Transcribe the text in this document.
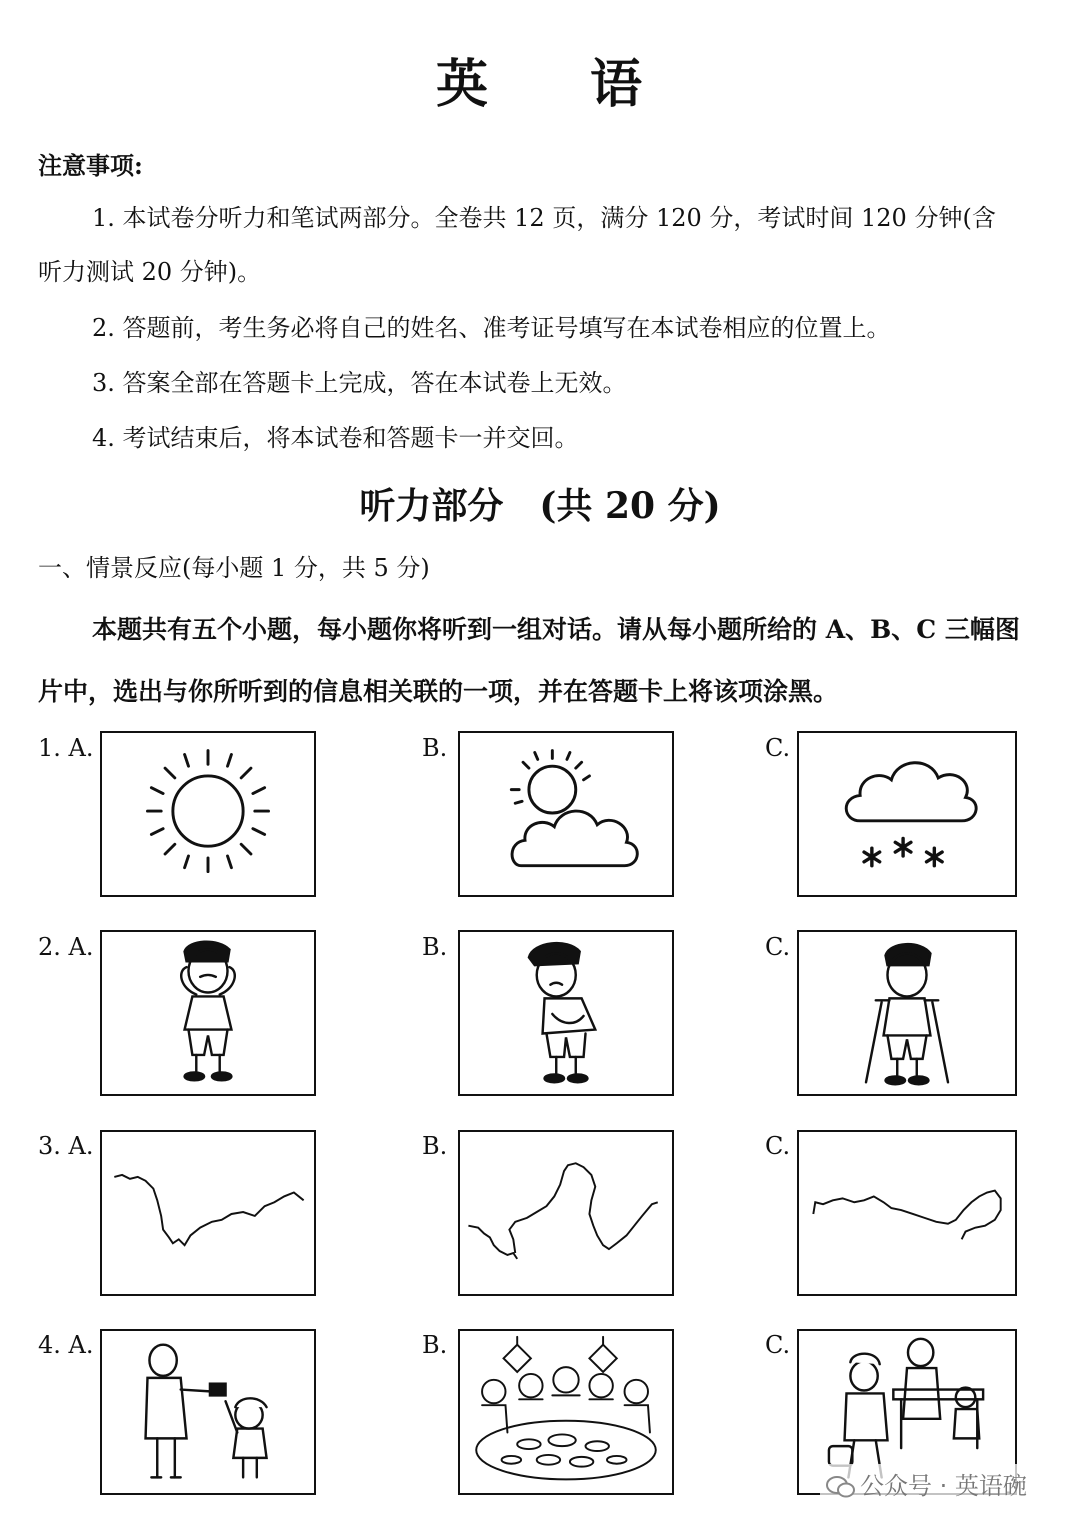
英 语
注意事项:
1. 本试卷分听力和笔试两部分。全卷共 12 页，满分 120 分，考试时间 120 分钟(含
听力测试 20 分钟)。
2. 答题前，考生务必将自己的姓名、准考证号填写在本试卷相应的位置上。
3. 答案全部在答题卡上完成，答在本试卷上无效。
4. 考试结束后，将本试卷和答题卡一并交回。
听力部分 (共 20 分)
一、情景反应(每小题 1 分，共 5 分)
本题共有五个小题，每小题你将听到一组对话。请从每小题所给的 A、B、C 三幅图
片中，选出与你所听到的信息相关联的一项，并在答题卡上将该项涂黑。
1. A.	B.	C.
2. A.	B.	C.
3. A.	B.	C.
4. A.	B.	C.
公众号 · 英语碗
